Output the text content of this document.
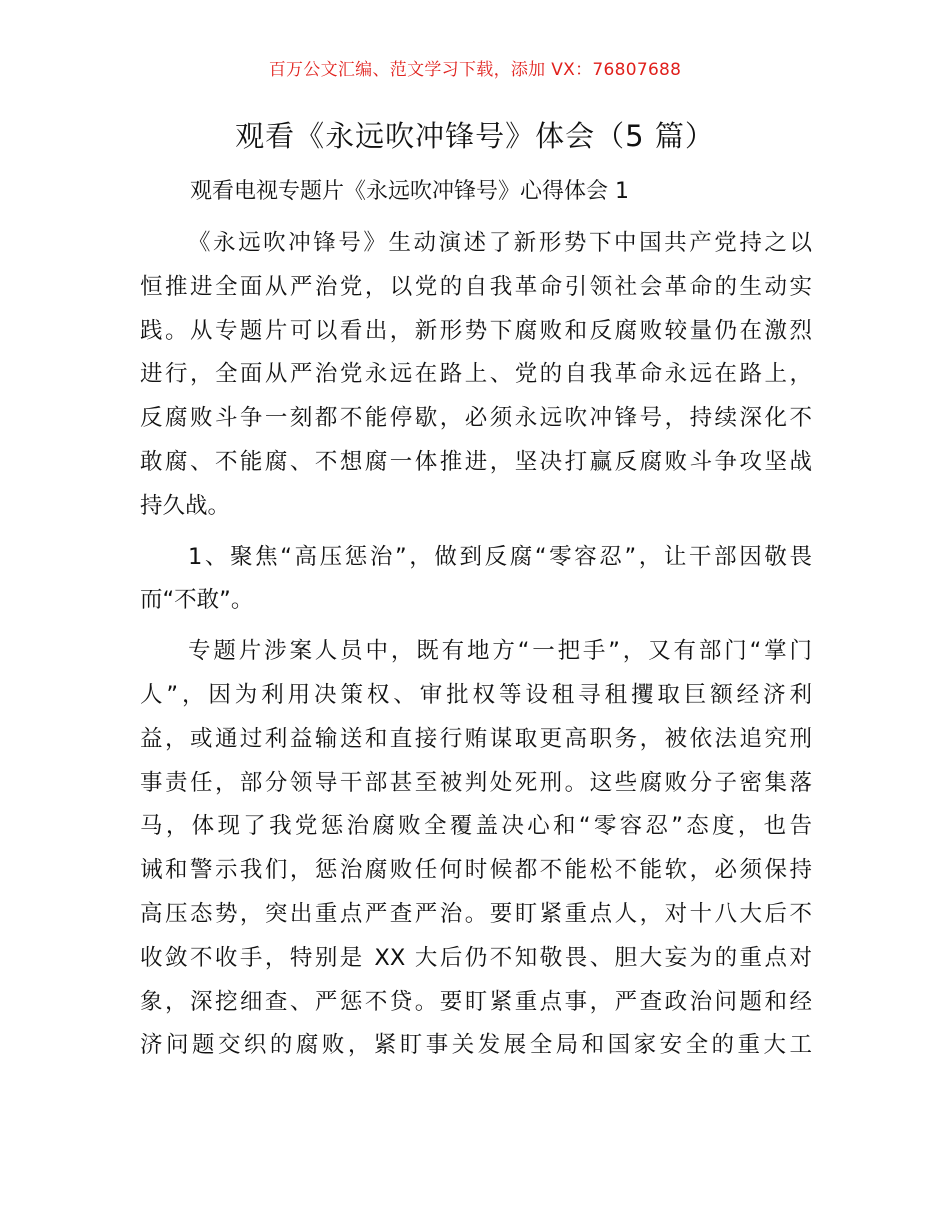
百万公文汇编、范文学习下载，添加 VX：76807688
观看《永远吹冲锋号》体会（5 篇）
观看电视专题片《永远吹冲锋号》心得体会 1
《永远吹冲锋号》生动演述了新形势下中国共产党持之以
恒推进全面从严治党，以党的自我革命引领社会革命的生动实
践。从专题片可以看出，新形势下腐败和反腐败较量仍在激烈
进行，全面从严治党永远在路上、党的自我革命永远在路上，
反腐败斗争一刻都不能停歇，必须永远吹冲锋号，持续深化不
敢腐、不能腐、不想腐一体推进，坚决打赢反腐败斗争攻坚战
持久战。
1、聚焦“高压惩治”，做到反腐“零容忍”，让干部因敬畏
而“不敢”。
专题片涉案人员中，既有地方“一把手”，又有部门“掌门
人”，因为利用决策权、审批权等设租寻租攫取巨额经济利
益，或通过利益输送和直接行贿谋取更高职务，被依法追究刑
事责任，部分领导干部甚至被判处死刑。这些腐败分子密集落
马，体现了我党惩治腐败全覆盖决心和“零容忍”态度，也告
诫和警示我们，惩治腐败任何时候都不能松不能软，必须保持
高压态势，突出重点严查严治。要盯紧重点人，对十八大后不
收敛不收手，特别是 XX 大后仍不知敬畏、胆大妄为的重点对
象，深挖细查、严惩不贷。要盯紧重点事，严查政治问题和经
济问题交织的腐败，紧盯事关发展全局和国家安全的重大工
